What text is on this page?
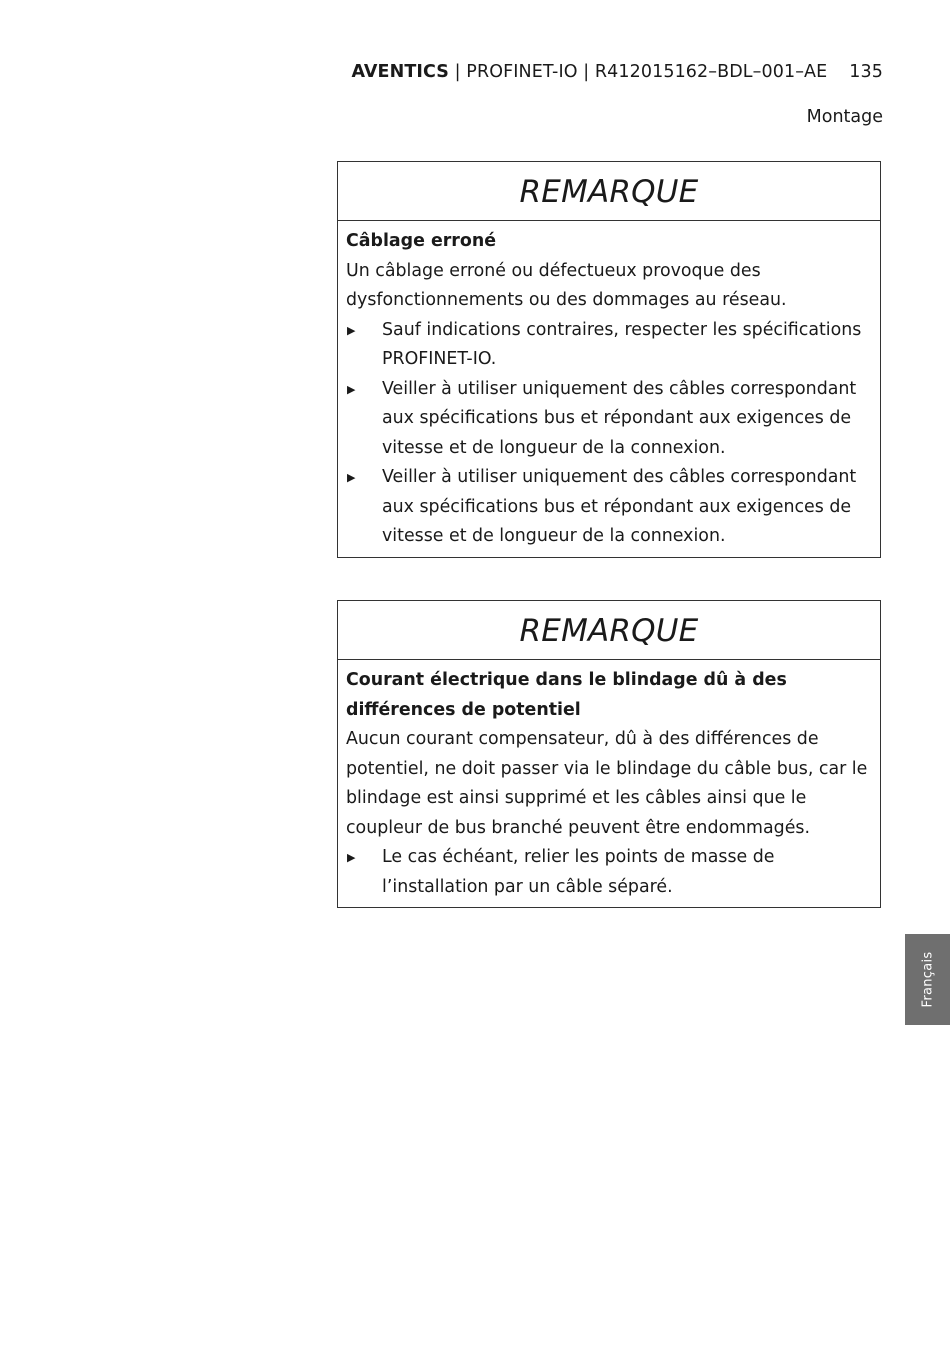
AVENTICS | PROFINET-IO | R412015162–BDL–001–AE 135
Montage
REMARQUE

Câblage erroné

Un câblage erroné ou défectueux provoque des dysfonctionnements ou des dommages au réseau.

▶ Sauf indications contraires, respecter les spécifications PROFINET-IO.
▶ Veiller à utiliser uniquement des câbles correspondant aux spécifications bus et répondant aux exigences de vitesse et de longueur de la connexion.
▶ Veiller à utiliser uniquement des câbles correspondant aux spécifications bus et répondant aux exigences de vitesse et de longueur de la connexion.
REMARQUE

Courant électrique dans le blindage dû à des différences de potentiel

Aucun courant compensateur, dû à des différences de potentiel, ne doit passer via le blindage du câble bus, car le blindage est ainsi supprimé et les câbles ainsi que le coupleur de bus branché peuvent être endommagés.

▶ Le cas échéant, relier les points de masse de l’installation par un câble séparé.
Français
